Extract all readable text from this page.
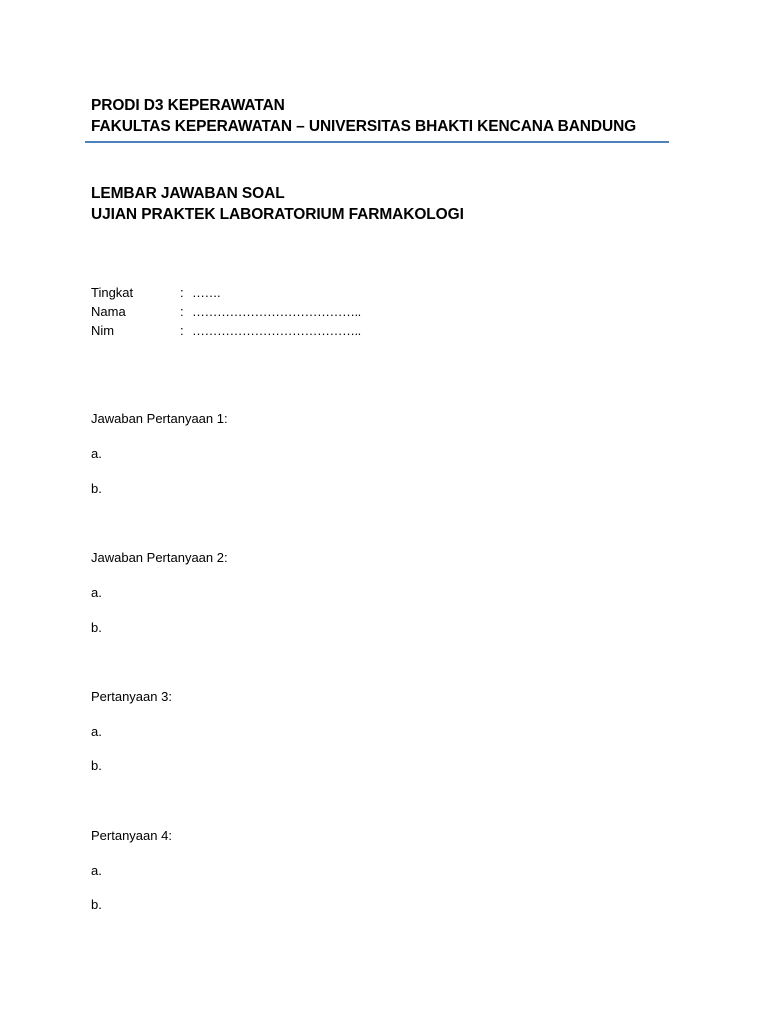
PRODI D3 KEPERAWATAN
FAKULTAS KEPERAWATAN – UNIVERSITAS BHAKTI KENCANA BANDUNG
LEMBAR JAWABAN SOAL
UJIAN PRAKTEK LABORATORIUM FARMAKOLOGI
Tingkat	: …….
Nama	: …………………………………..
Nim	: …………………………………..
Jawaban Pertanyaan 1:
a.
b.
Jawaban Pertanyaan 2:
a.
b.
Pertanyaan 3:
a.
b.
Pertanyaan 4:
a.
b.
